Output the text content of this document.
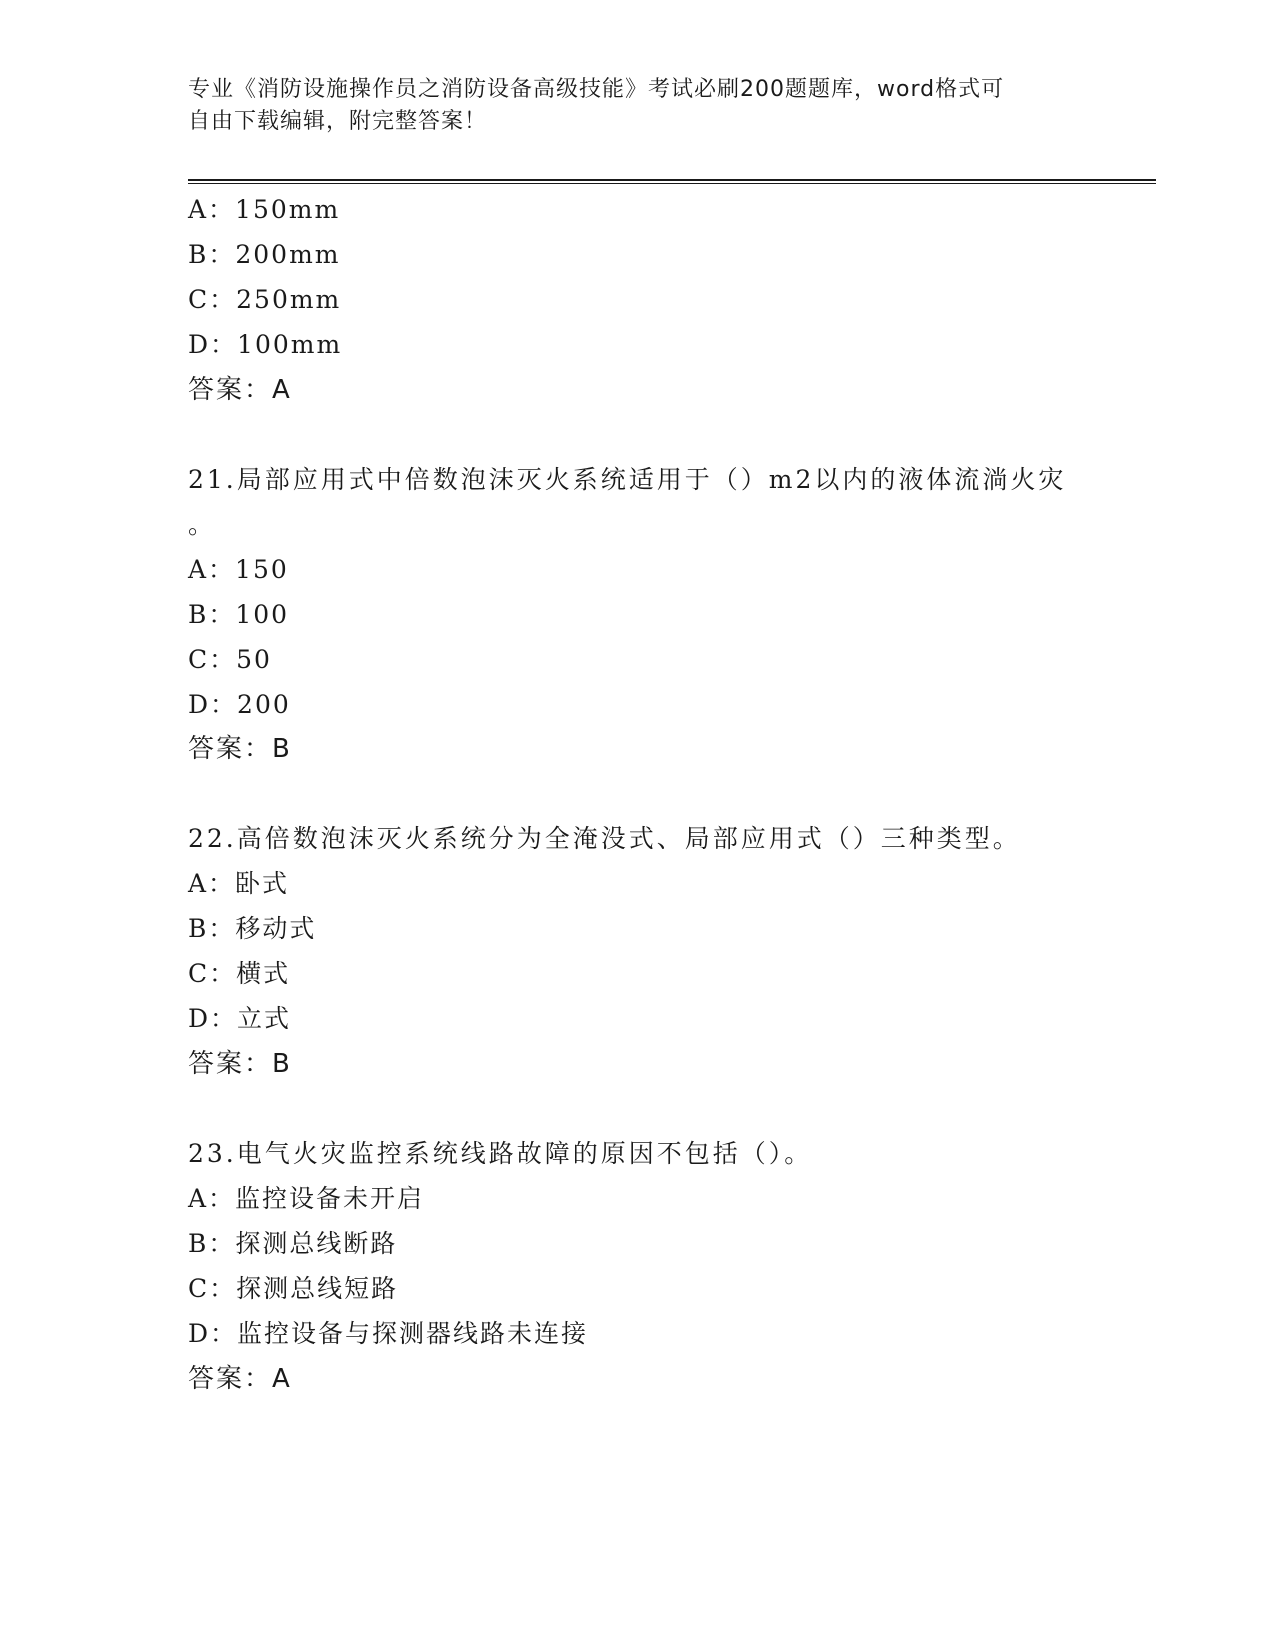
专业《消防设施操作员之消防设备高级技能》考试必刷200题题库，word格式可
自由下载编辑，附完整答案！
A：150mm
B：200mm
C：250mm
D：100mm
答案：A
21.局部应用式中倍数泡沫灭火系统适用于（）m2以内的液体流淌火灾
。
A：150
B：100
C：50
D：200
答案：B
22.高倍数泡沫灭火系统分为全淹没式、局部应用式（）三种类型。
A：卧式
B：移动式
C：横式
D：立式
答案：B
23.电气火灾监控系统线路故障的原因不包括（）。
A：监控设备未开启
B：探测总线断路
C：探测总线短路
D：监控设备与探测器线路未连接
答案：A
